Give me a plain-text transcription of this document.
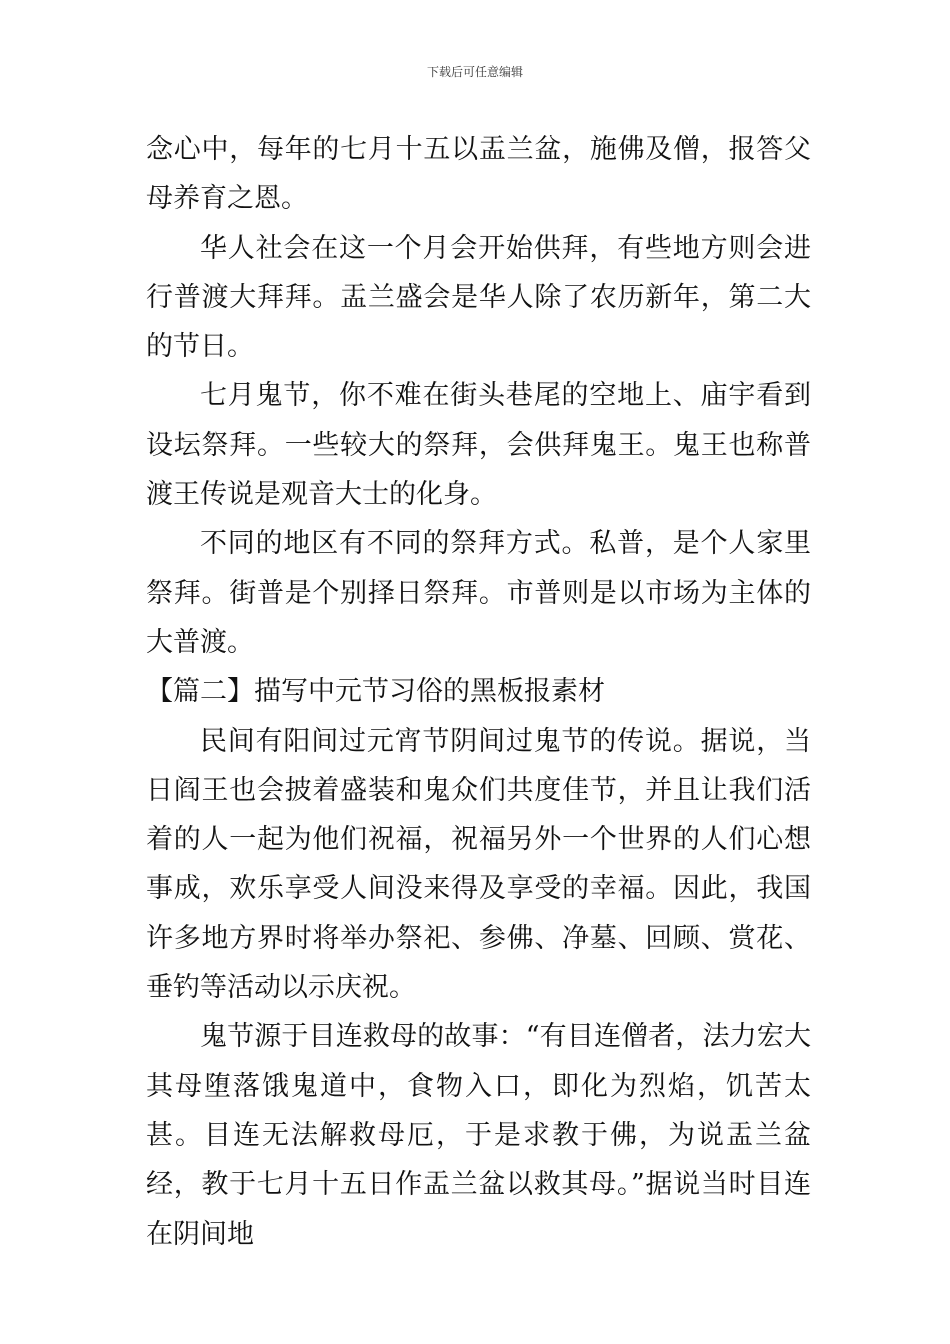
下载后可任意编辑

念心中，每年的七月十五以盂兰盆，施佛及僧，报答父母养育之恩。

华人社会在这一个月会开始供拜，有些地方则会进行普渡大拜拜。盂兰盛会是华人除了农历新年，第二大的节日。

七月鬼节，你不难在街头巷尾的空地上、庙宇看到设坛祭拜。一些较大的祭拜，会供拜鬼王。鬼王也称普渡王传说是观音大士的化身。

不同的地区有不同的祭拜方式。私普，是个人家里祭拜。街普是个别择日祭拜。市普则是以市场为主体的大普渡。

【篇二】描写中元节习俗的黑板报素材

民间有阳间过元宵节阴间过鬼节的传说。据说，当日阎王也会披着盛装和鬼众们共度佳节，并且让我们活着的人一起为他们祝福，祝福另外一个世界的人们心想事成，欢乐享受人间没来得及享受的幸福。因此，我国许多地方界时将举办祭祀、参佛、净墓、回顾、赏花、垂钓等活动以示庆祝。

鬼节源于目连救母的故事：“有目连僧者，法力宏大其母堕落饿鬼道中，食物入口，即化为烈焰，饥苦太甚。目连无法解救母厄，于是求教于佛，为说盂兰盆经，教于七月十五日作盂兰盆以救其母。”据说当时目连在阴间地
